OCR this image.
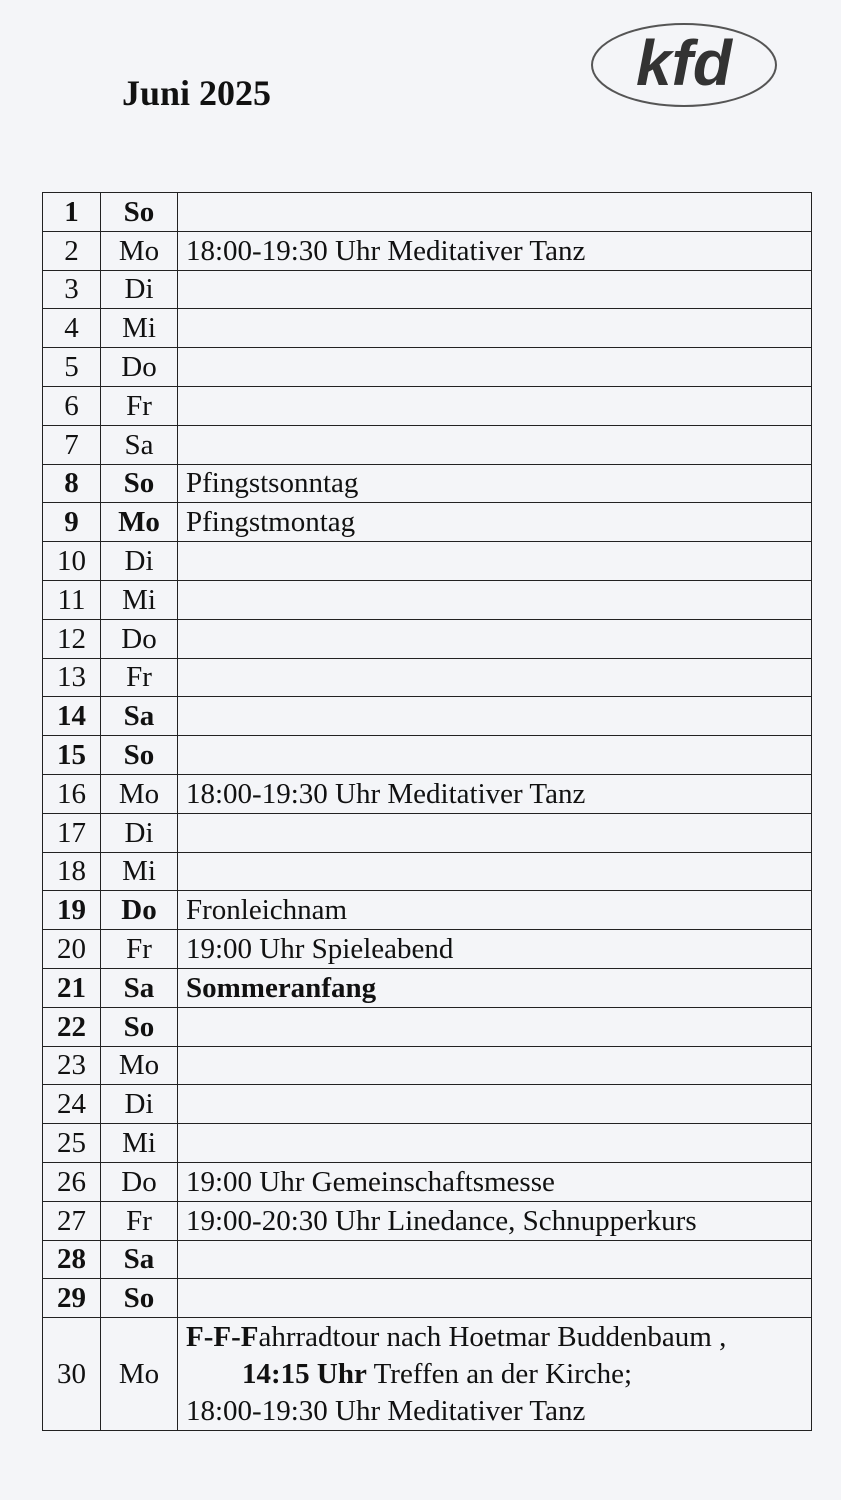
Juni 2025	kfd
1	So	
2	Mo	18:00-19:30 Uhr Meditativer Tanz
3	Di	
4	Mi	
5	Do	
6	Fr	
7	Sa	
8	So	Pfingstsonntag
9	Mo	Pfingstmontag
10	Di	
11	Mi	
12	Do	
13	Fr	
14	Sa	
15	So	
16	Mo	18:00-19:30 Uhr Meditativer Tanz
17	Di	
18	Mi	
19	Do	Fronleichnam
20	Fr	19:00 Uhr Spieleabend
21	Sa	Sommeranfang
22	So	
23	Mo	
24	Di	
25	Mi	
26	Do	19:00 Uhr Gemeinschaftsmesse
27	Fr	19:00-20:30 Uhr Linedance, Schnupperkurs
28	Sa	
29	So	
30	Mo	F-F-Fahrradtour nach Hoetmar Buddenbaum ,
14:15 Uhr Treffen an der Kirche;
18:00-19:30 Uhr Meditativer Tanz
